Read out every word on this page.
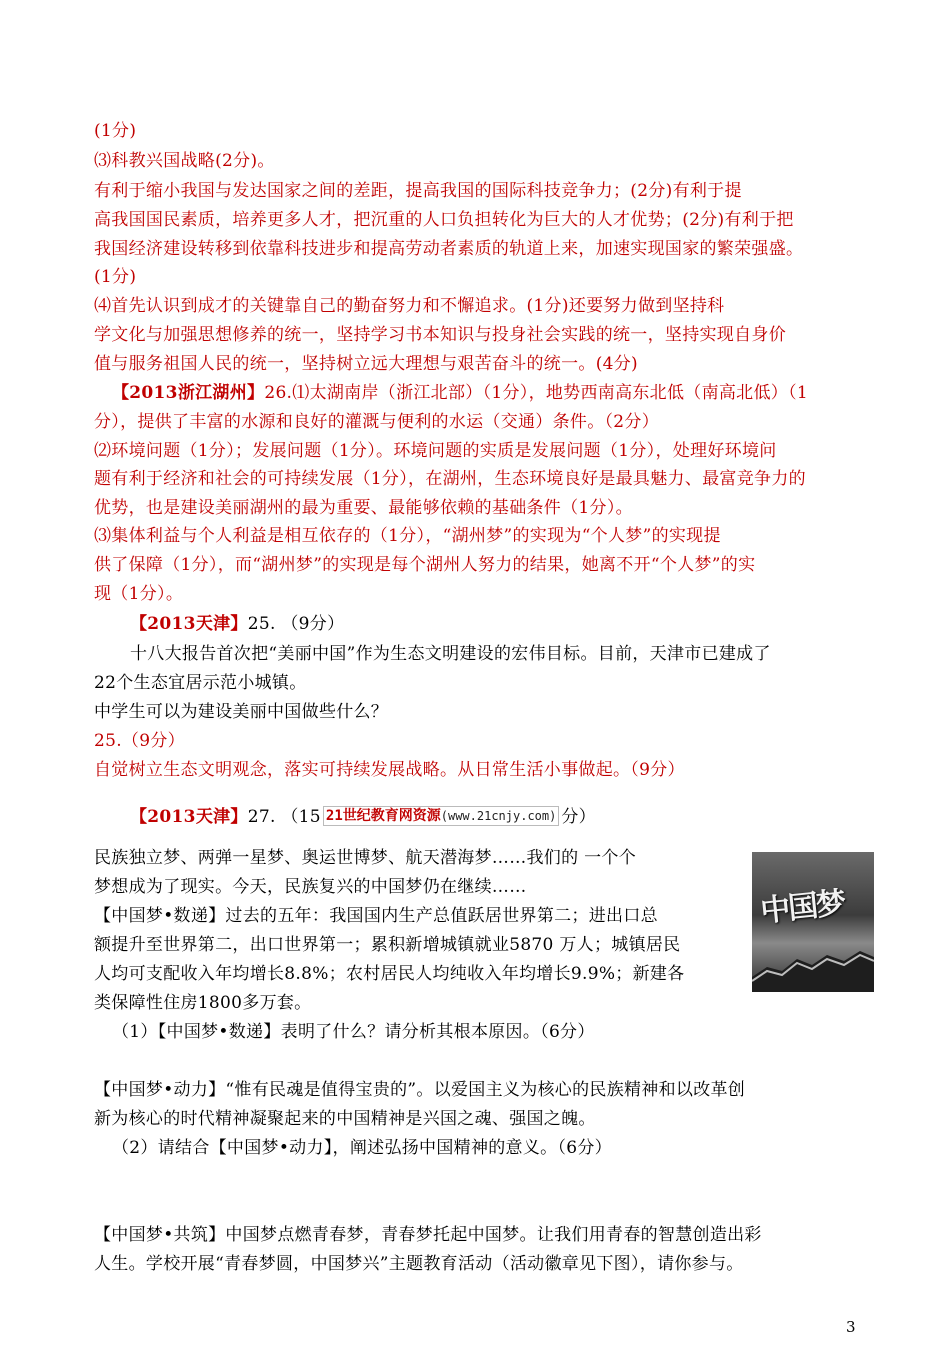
(1分)
⑶科教兴国战略(2分)。
有利于缩小我国与发达国家之间的差距，提高我国的国际科技竞争力；(2分)有利于提
高我国国民素质，培养更多人才，把沉重的人口负担转化为巨大的人才优势；(2分)有利于把
我国经济建设转移到依靠科技进步和提高劳动者素质的轨道上来，加速实现国家的繁荣强盛。
(1分)
⑷首先认识到成才的关键靠自己的勤奋努力和不懈追求。(1分)还要努力做到坚持科
学文化与加强思想修养的统一，坚持学习书本知识与投身社会实践的统一，坚持实现自身价
值与服务祖国人民的统一，坚持树立远大理想与艰苦奋斗的统一。(4分)
【2013浙江湖州】26.⑴太湖南岸（浙江北部）（1分），地势西南高东北低（南高北低）（1
分），提供了丰富的水源和良好的灌溉与便利的水运（交通）条件。（2分）
⑵环境问题（1分）；发展问题（1分）。环境问题的实质是发展问题（1分），处理好环境问
题有利于经济和社会的可持续发展（1分），在湖州，生态环境良好是最具魅力、最富竞争力的
优势，也是建设美丽湖州的最为重要、最能够依赖的基础条件（1分）。
⑶集体利益与个人利益是相互依存的（1分），“湖州梦”的实现为“个人梦”的实现提
供了保障（1分），而“湖州梦”的实现是每个湖州人努力的结果，她离不开“个人梦”的实
现（1分）。
【2013天津】25. （9分）
十八大报告首次把“美丽中国”作为生态文明建设的宏伟目标。目前，天津市已建成了
22个生态宜居示范小城镇。
中学生可以为建设美丽中国做些什么？
25.（9分）
自觉树立生态文明观念，落实可持续发展战略。从日常生活小事做起。（9分）
【2013天津】27. （15 21世纪教育网资源(www.21cnjy.com) 分）
民族独立梦、两弹一星梦、奥运世博梦、航天潜海梦……我们的 一个个
梦想成为了现实。今天，民族复兴的中国梦仍在继续……
【中国梦•数递】过去的五年：我国国内生产总值跃居世界第二；进出口总
额提升至世界第二，出口世界第一；累积新增城镇就业5870 万人；城镇居民
人均可支配收入年均增长8.8%；农村居民人均纯收入年均增长9.9%；新建各
类保障性住房1800多万套。
（1）【中国梦•数递】表明了什么？请分析其根本原因。（6分）
【中国梦•动力】“惟有民魂是值得宝贵的”。以爱国主义为核心的民族精神和以改革创
新为核心的时代精神凝聚起来的中国精神是兴国之魂、强国之魄。
（2）请结合【中国梦•动力】，阐述弘扬中国精神的意义。（6分）
【中国梦•共筑】中国梦点燃青春梦，青春梦托起中国梦。让我们用青春的智慧创造出彩
人生。学校开展“青春梦圆，中国梦兴”主题教育活动（活动徽章见下图），请你参与。
中国梦
3
